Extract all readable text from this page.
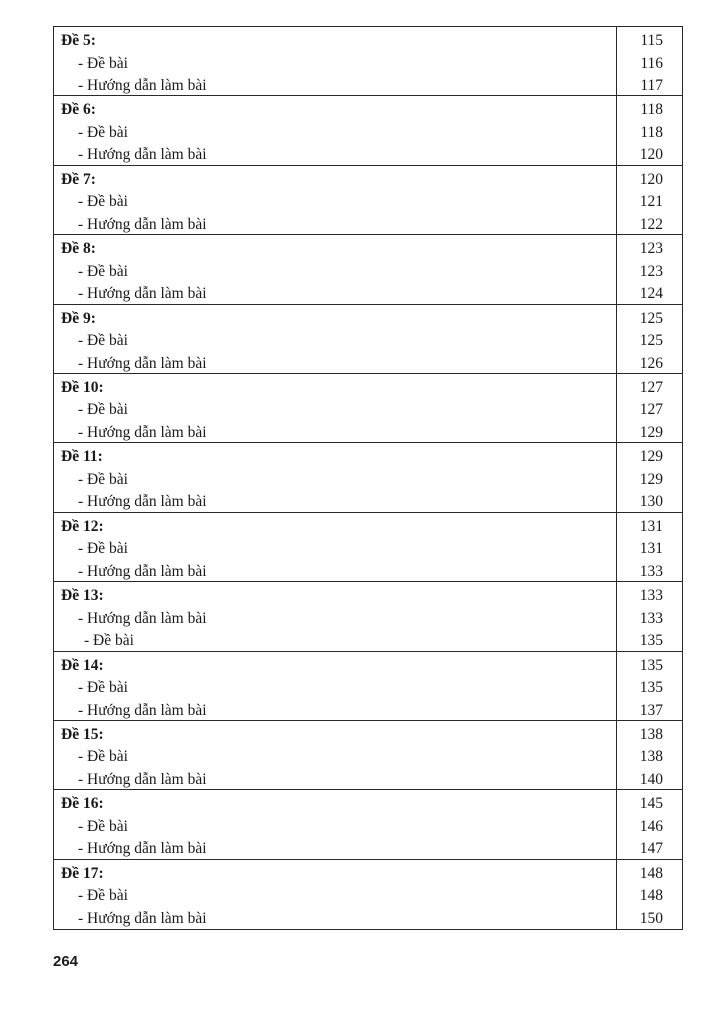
Đề 5:
- Đề bài
- Hướng dẫn làm bài
115
116
117
Đề 6:
- Đề bài
- Hướng dẫn làm bài
118
118
120
Đề 7:
- Đề bài
- Hướng dẫn làm bài
120
121
122
Đề 8:
- Đề bài
- Hướng dẫn làm bài
123
123
124
Đề 9:
- Đề bài
- Hướng dẫn làm bài
125
125
126
Đề 10:
- Đề bài
- Hướng dẫn làm bài
127
127
129
Đề 11:
- Đề bài
- Hướng dẫn làm bài
129
129
130
Đề 12:
- Đề bài
- Hướng dẫn làm bài
131
131
133
Đề 13:
- Hướng dẫn làm bài
- Đề bài
133
133
135
Đề 14:
- Đề bài
- Hướng dẫn làm bài
135
135
137
Đề 15:
- Đề bài
- Hướng dẫn làm bài
138
138
140
Đề 16:
- Đề bài
- Hướng dẫn làm bài
145
146
147
Đề 17:
- Đề bài
- Hướng dẫn làm bài
148
148
150
264
